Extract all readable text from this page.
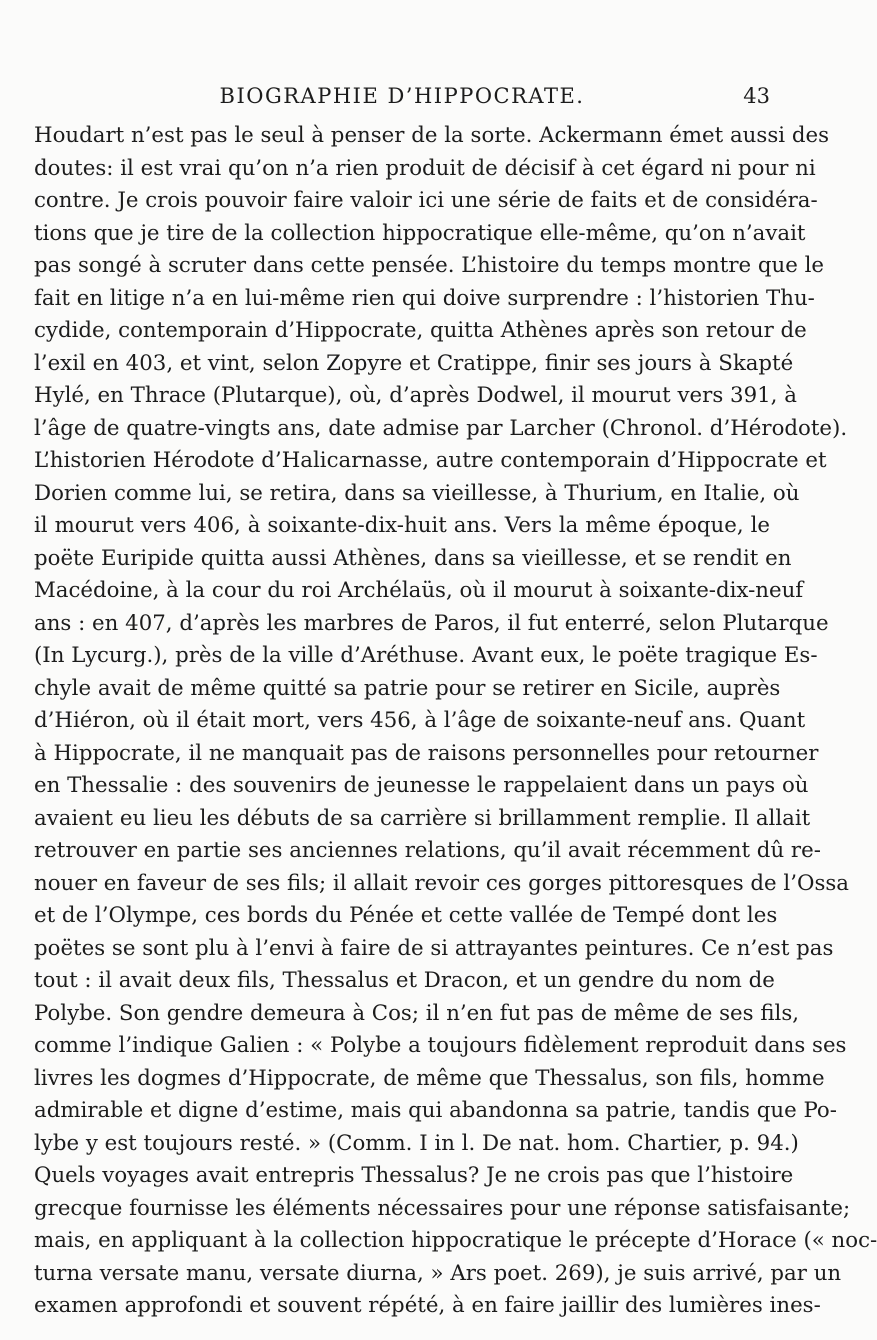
BIOGRAPHIE D’HIPPOCRATE.	43
Houdart n’est pas le seul à penser de la sorte. Ackermann émet aussi des
doutes: il est vrai qu’on n’a rien produit de décisif à cet égard ni pour ni
contre. Je crois pouvoir faire valoir ici une série de faits et de considéra-
tions que je tire de la collection hippocratique elle-même, qu’on n’avait
pas songé à scruter dans cette pensée. L’histoire du temps montre que le
fait en litige n’a en lui-même rien qui doive surprendre : l’historien Thu-
cydide, contemporain d’Hippocrate, quitta Athènes après son retour de
l’exil en 403, et vint, selon Zopyre et Cratippe, finir ses jours à Skapté
Hylé, en Thrace (Plutarque), où, d’après Dodwel, il mourut vers 391, à
l’âge de quatre-vingts ans, date admise par Larcher (Chronol. d’Hérodote).
L’historien Hérodote d’Halicarnasse, autre contemporain d’Hippocrate et
Dorien comme lui, se retira, dans sa vieillesse, à Thurium, en Italie, où
il mourut vers 406, à soixante-dix-huit ans. Vers la même époque, le
poëte Euripide quitta aussi Athènes, dans sa vieillesse, et se rendit en
Macédoine, à la cour du roi Archélaüs, où il mourut à soixante-dix-neuf
ans : en 407, d’après les marbres de Paros, il fut enterré, selon Plutarque
(In Lycurg.), près de la ville d’Aréthuse. Avant eux, le poëte tragique Es-
chyle avait de même quitté sa patrie pour se retirer en Sicile, auprès
d’Hiéron, où il était mort, vers 456, à l’âge de soixante-neuf ans. Quant
à Hippocrate, il ne manquait pas de raisons personnelles pour retourner
en Thessalie : des souvenirs de jeunesse le rappelaient dans un pays où
avaient eu lieu les débuts de sa carrière si brillamment remplie. Il allait
retrouver en partie ses anciennes relations, qu’il avait récemment dû re-
nouer en faveur de ses fils; il allait revoir ces gorges pittoresques de l’Ossa
et de l’Olympe, ces bords du Pénée et cette vallée de Tempé dont les
poëtes se sont plu à l’envi à faire de si attrayantes peintures. Ce n’est pas
tout : il avait deux fils, Thessalus et Dracon, et un gendre du nom de
Polybe. Son gendre demeura à Cos; il n’en fut pas de même de ses fils,
comme l’indique Galien : « Polybe a toujours fidèlement reproduit dans ses
livres les dogmes d’Hippocrate, de même que Thessalus, son fils, homme
admirable et digne d’estime, mais qui abandonna sa patrie, tandis que Po-
lybe y est toujours resté. » (Comm. I in l. De nat. hom. Chartier, p. 94.)
Quels voyages avait entrepris Thessalus? Je ne crois pas que l’histoire
grecque fournisse les éléments nécessaires pour une réponse satisfaisante;
mais, en appliquant à la collection hippocratique le précepte d’Horace (« noc-
turna versate manu, versate diurna, » Ars poet. 269), je suis arrivé, par un
examen approfondi et souvent répété, à en faire jaillir des lumières ines-
